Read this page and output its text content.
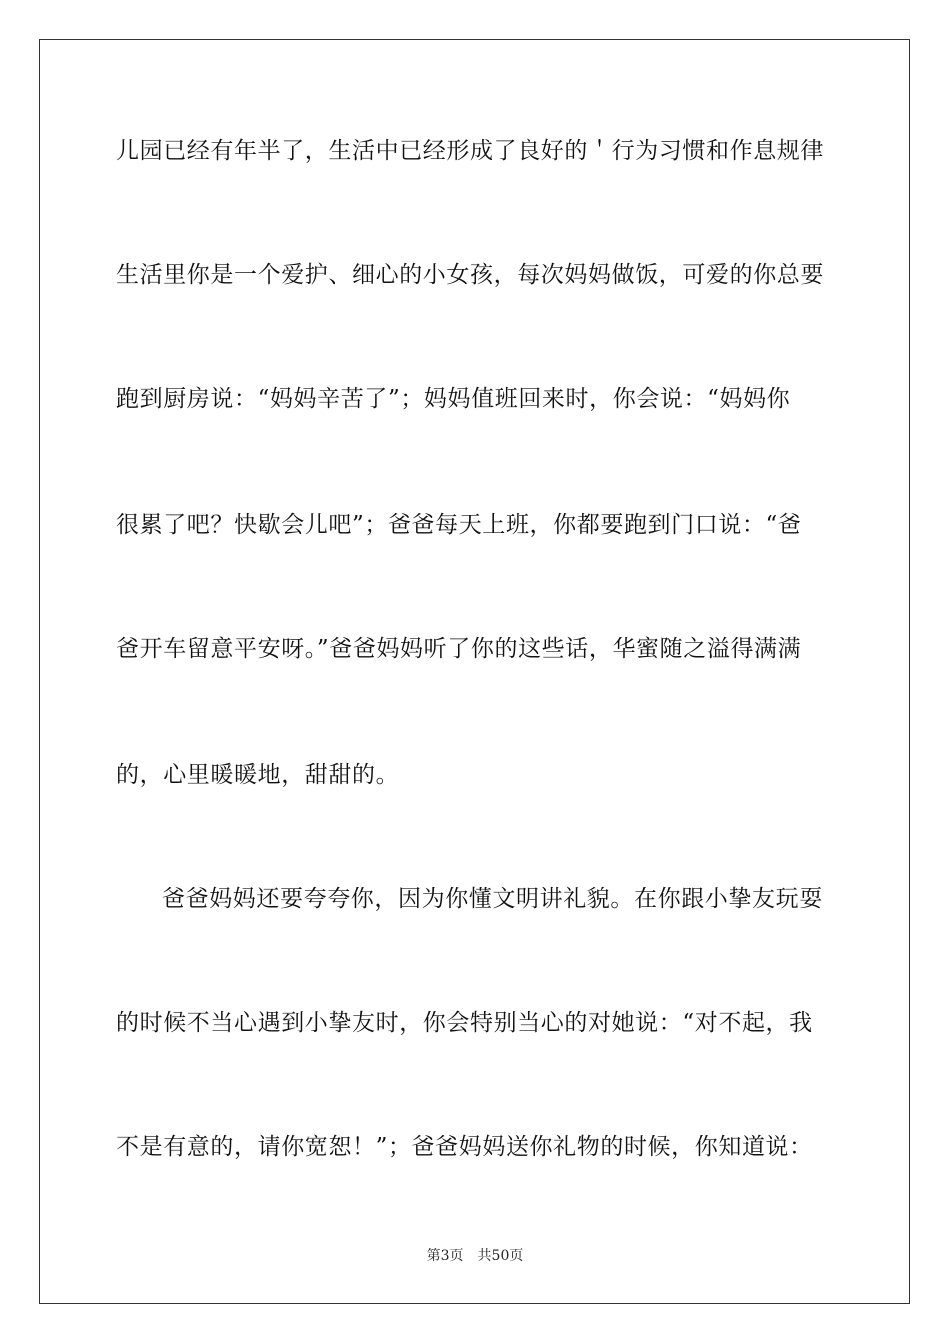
儿园已经有年半了，生活中已经形成了良好的＇行为习惯和作息规律
生活里你是一个爱护、细心的小女孩，每次妈妈做饭，可爱的你总要
跑到厨房说：“妈妈辛苦了”；妈妈值班回来时，你会说：“妈妈你
很累了吧？快歇会儿吧”；爸爸每天上班，你都要跑到门口说：“爸
爸开车留意平安呀。”爸爸妈妈听了你的这些话，华蜜随之溢得满满
的，心里暖暖地，甜甜的。
爸爸妈妈还要夸夸你，因为你懂文明讲礼貌。在你跟小挚友玩耍
的时候不当心遇到小挚友时，你会特别当心的对她说：“对不起，我
不是有意的，请你宽恕！”；爸爸妈妈送你礼物的时候，你知道说：
第3页 共50页
